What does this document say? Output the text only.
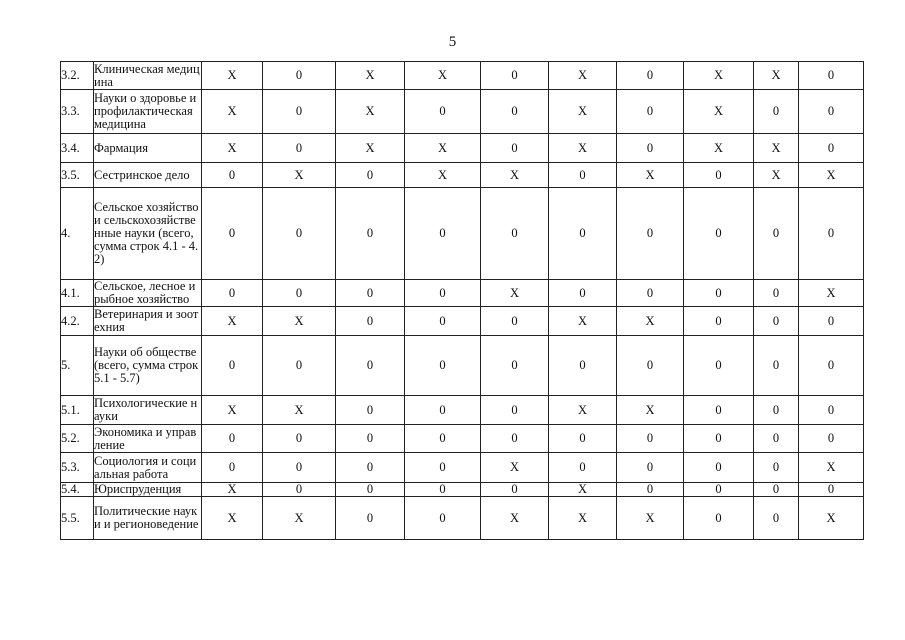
5
3.2.	Клиническая медицина	X	0	X	X	0	X	0	X	X	0
3.3.	Науки о здоровье и профилактическая медицина	X	0	X	0	0	X	0	X	0	0
3.4.	Фармация	X	0	X	X	0	X	0	X	X	0
3.5.	Сестринское дело	0	X	0	X	X	0	X	0	X	X
4.	Сельское хозяйство и сельскохозяйственные науки (всего, сумма строк 4.1 - 4.2)	0	0	0	0	0	0	0	0	0	0
4.1.	Сельское, лесное и рыбное хозяйство	0	0	0	0	X	0	0	0	0	X
4.2.	Ветеринария и зоотехния	X	X	0	0	0	X	X	0	0	0
5.	Науки об обществе (всего, сумма строк 5.1 - 5.7)	0	0	0	0	0	0	0	0	0	0
5.1.	Психологические науки	X	X	0	0	0	X	X	0	0	0
5.2.	Экономика и управление	0	0	0	0	0	0	0	0	0	0
5.3.	Социология и социальная работа	0	0	0	0	X	0	0	0	0	X
5.4.	Юриспруденция	X	0	0	0	0	X	0	0	0	0
5.5.	Политические науки и регионоведение	X	X	0	0	X	X	X	0	0	X
